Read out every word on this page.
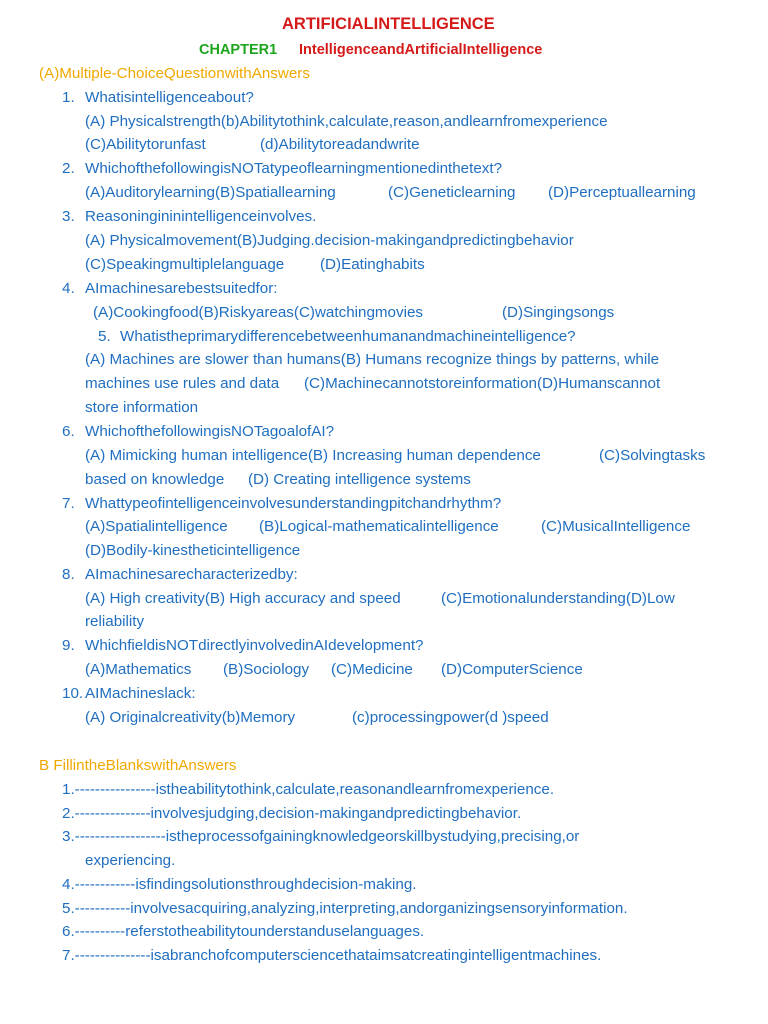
ARTIFICIALINTELLIGENCE
CHAPTER1 IntelligenceandArtificialIntelligence
(A)Multiple-ChoiceQuestionwithAnswers
1. Whatisintelligenceabout?
(A) Physicalstrength(b)Abilitytothink,calculate,reason,andlearnfromexperience
(C)Abilitytorunfast	(d)Abilitytoreadandwrite
2. WhichofthefollowingisNOTatypeoflearningmentionedinthetext?
(A)Auditorylearning(B)Spatiallearning	(C)Geneticlearning (D)Perceptuallearning
3. Reasoningininintelligenceinvolves.
(A) Physicalmovement(B)Judging.decision-makingandpredictingbehavior
(C)Speakingmultiplelanguage (D)Eatinghabits
4. AImachinesarebestsuitedfor:
(A)Cookingfood(B)Riskyareas(C)watchingmovies	(D)Singingsongs
5. Whatistheprimarydifferencebetweenhumanandmachineintelligence?
(A) Machines are slower than humans(B) Humans recognize things by patterns, while
machines use rules and data (C)Machinecannotstoreinformation(D)Humanscannot
store information
6. WhichofthefollowingisNOTagoalofAI?
(A) Mimicking human intelligence(B) Increasing human dependence	(C)Solvingtasks
based on knowledge (D) Creating intelligence systems
7. Whattypeofintelligenceinvolvesunderstandingpitchandrhythm?
(A)Spatialintelligence (B)Logical-mathematicalintelligence	(C)MusicalIntelligence
(D)Bodily-kinestheticintelligence
8. AImachinesarecharacterizedby:
(A) High creativity(B) High accuracy and speed	(C)Emotionalunderstanding(D)Low
reliability
9. WhichfieldisNOTdirectlyinvolvedinAIdevelopment?
(A)Mathematics (B)Sociology (C)Medicine (D)ComputerScience
10. AIMachineslack:
(A) Originalcreativity(b)Memory	(c)processingpower(d )speed
B FillintheBlankswithAnswers
1.----------------istheabilitytothink,calculate,reasonandlearnfromexperience.
2.---------------involvesjudging,decision-makingandpredictingbehavior.
3.------------------istheprocessofgainingknowledgeorskillbystudying,precising,or
experiencing.
4.------------isfindingsolutionsthroughdecision-making.
5.-----------involvesacquiring,analyzing,interpreting,andorganizingsensoryinformation.
6.----------referstotheabilitytounderstanduselanguages.
7.---------------isabranchofcomputersciencethataimsatcreatingintelligentmachines.
